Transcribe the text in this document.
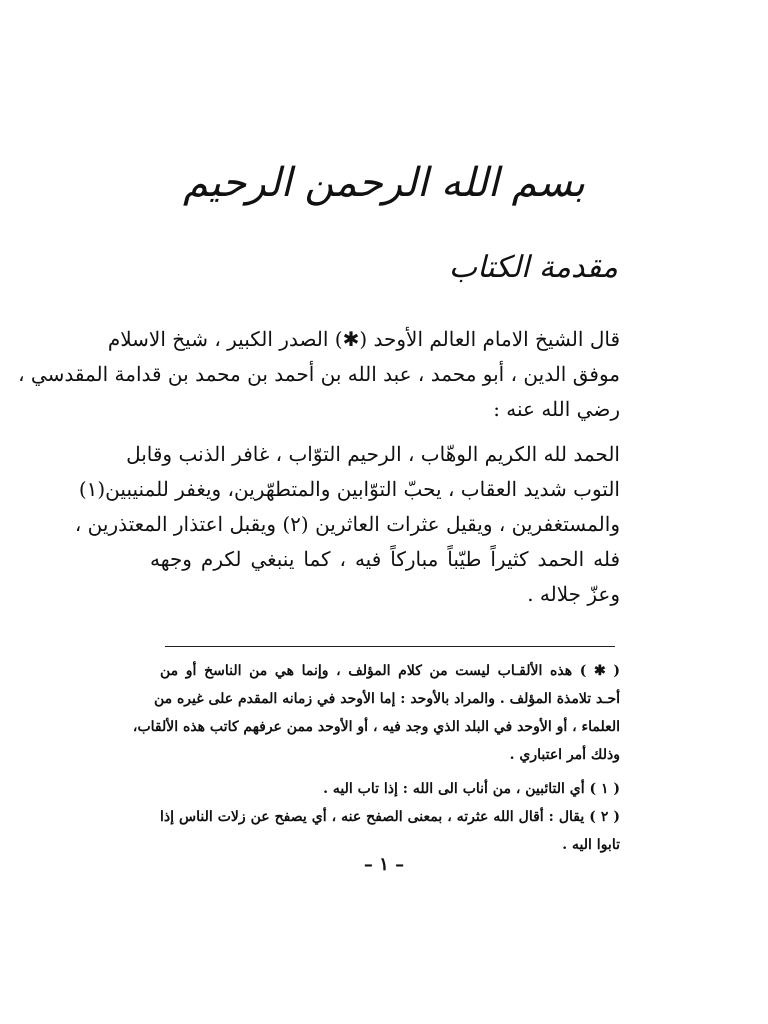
بسم الله الرحمن الرحيم
مقدمة الكتاب
قال الشيخ الامام العالم الأوحد (✱) الصدر الكبير ، شيخ الاسلام
موفق الدين ، أبو محمد ، عبد الله بن أحمد بن محمد بن قدامة المقدسي ،
رضي الله عنه :
الحمد لله الكريم الوهّاب ، الرحيم التوّاب ، غافر الذنب وقابل
التوب شديد العقاب ، يحبّ التوّابين والمتطهّرين، ويغفر للمنيبين(١)
والمستغفرين ، ويقيل عثرات العاثرين (٢) ويقبل اعتذار المعتذرين ،
فله الحمد كثيراً طيّباً مباركاً فيه ، كما ينبغي لكرم وجهه
وعزّ جلاله .
( ✱ ) هذه الألقـاب ليست من كلام المؤلف ، وإنما هي من الناسخ أو من
أحـد تلامذة المؤلف . والمراد بالأوحد : إما الأوحد في زمانه المقدم على غيره من
العلماء ، أو الأوحد في البلد الذي وجد فيه ، أو الأوحد ممن عرفهم كاتب هذه الألقاب،
وذلك أمر اعتباري .
( ١ ) أي التائبين ، من أناب الى الله : إذا تاب اليه .
( ٢ ) يقال : أقال الله عثرته ، بمعنى الصفح عنه ، أي يصفح عن زلات الناس إذا
تابوا اليه .
– ١ –
